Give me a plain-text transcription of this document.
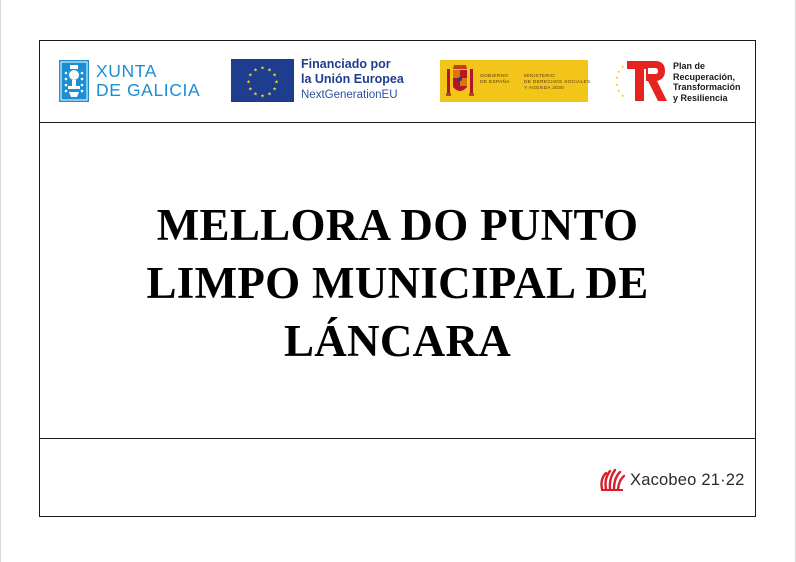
XUNTA
DE GALICIA
★ ★
★
★
★
★
★
★
★
★
★
★	Financiado por
la Unión Europea
NextGenerationEU
GOBIERNO
DE ESPAÑA
MINISTERIO
DE DERECHOS SOCIALES
Y AGENDA 2030
★
★
★
★
★
★	Plan de
Recuperación,
Transformación
y Resiliencia
MELLORA DO PUNTO
LIMPO MUNICIPAL DE
LÁNCARA
Xacobeo 21·22
